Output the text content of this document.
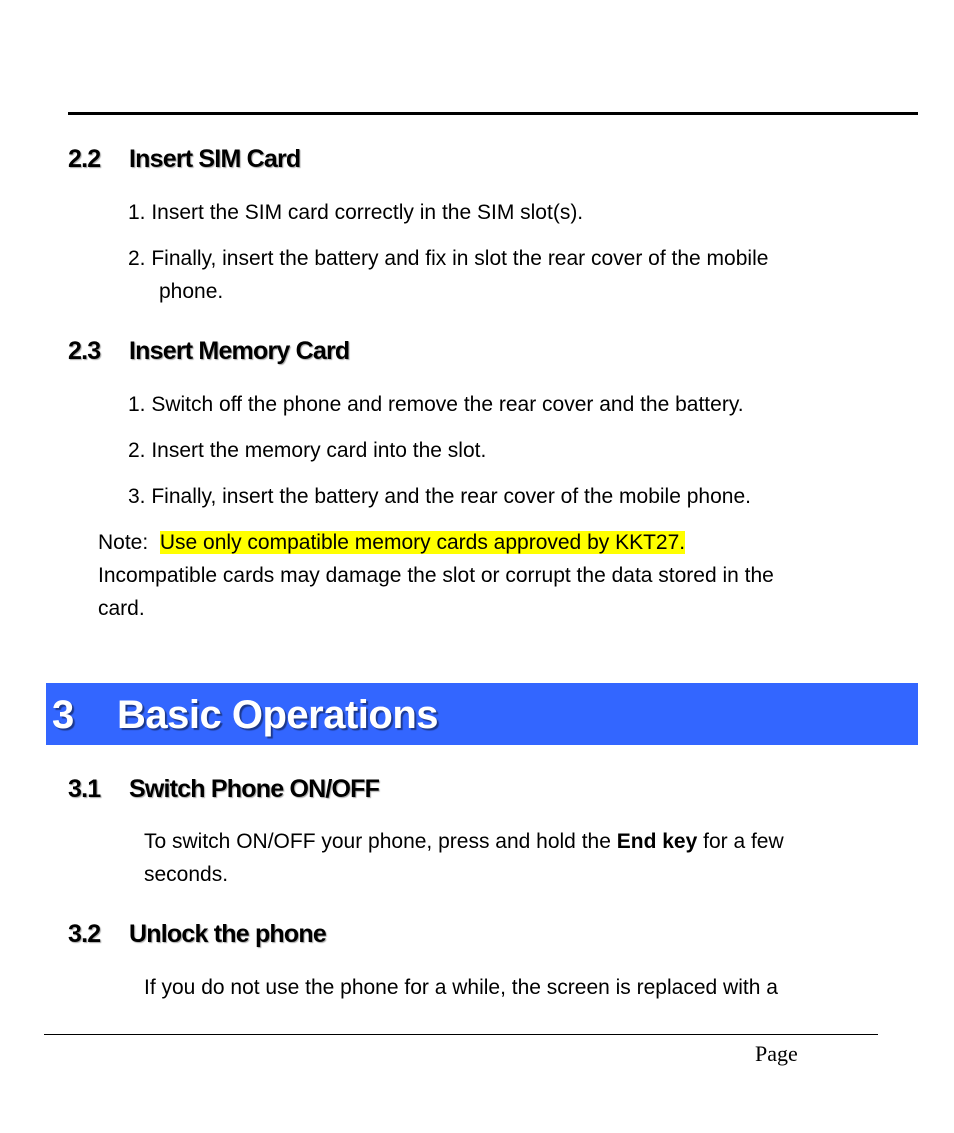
2.2 Insert SIM Card
1. Insert the SIM card correctly in the SIM slot(s).
2. Finally, insert the battery and fix in slot the rear cover of the mobile
phone.
2.3 Insert Memory Card
1. Switch off the phone and remove the rear cover and the battery.
2. Insert the memory card into the slot.
3. Finally, insert the battery and the rear cover of the mobile phone.
Note: Use only compatible memory cards approved by KKT27.
Incompatible cards may damage the slot or corrupt the data stored in the
card.
3 Basic Operations
3.1 Switch Phone ON/OFF
To switch ON/OFF your phone, press and hold the End key for a few
seconds.
3.2 Unlock the phone
If you do not use the phone for a while, the screen is replaced with a
Page
